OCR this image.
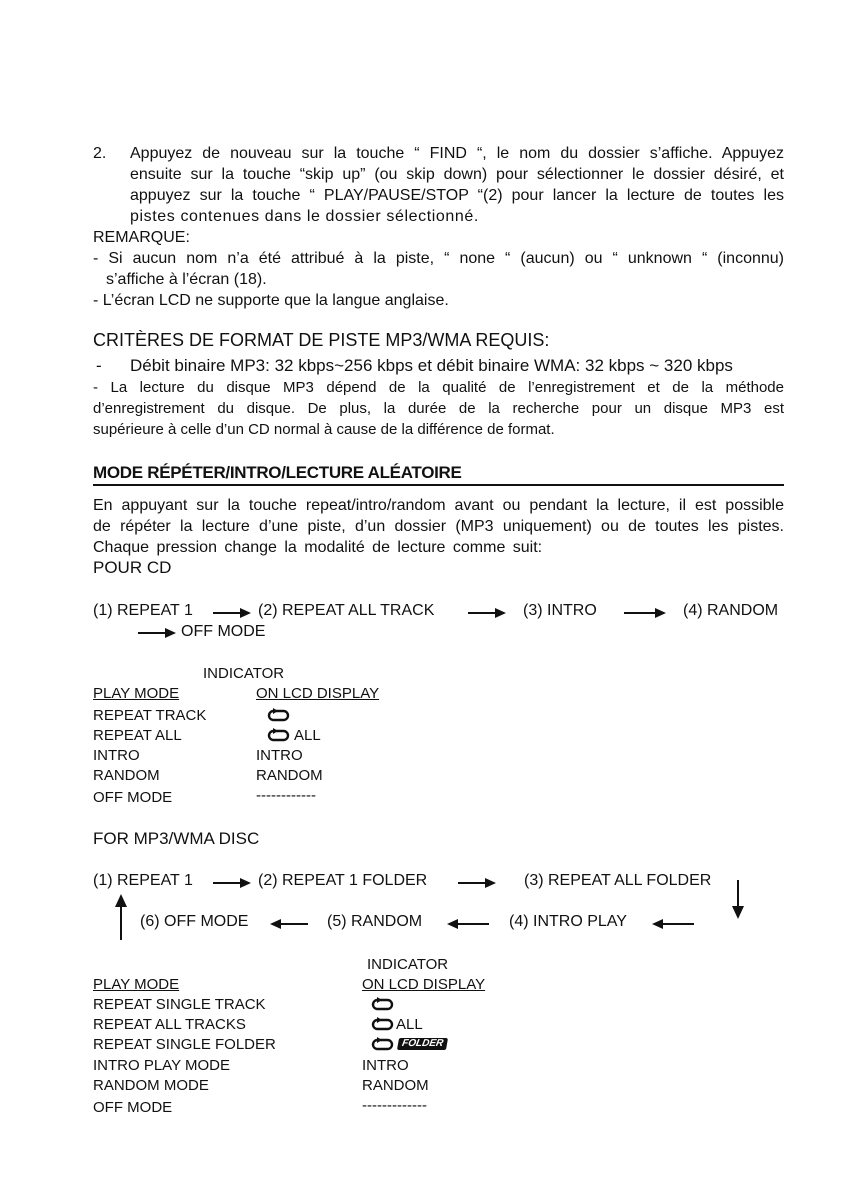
2. Appuyez de nouveau sur la touche “ FIND “, le nom du dossier s’affiche. Appuyez
ensuite sur la touche “skip up” (ou skip down) pour sélectionner le dossier désiré, et
appuyez sur la touche “ PLAY/PAUSE/STOP “(2) pour lancer la lecture de toutes les
pistes contenues dans le dossier sélectionné.
REMARQUE:
- Si aucun nom n’a été attribué à la piste, “ none “ (aucun) ou “ unknown “ (inconnu)
s’affiche à l’écran (18).
- L’écran LCD ne supporte que la langue anglaise.
CRITÈRES DE FORMAT DE PISTE MP3/WMA REQUIS:
- Débit binaire MP3: 32 kbps~256 kbps et débit binaire WMA: 32 kbps ~ 320 kbps
- La lecture du disque MP3 dépend de la qualité de l’enregistrement et de la méthode
d’enregistrement du disque. De plus, la durée de la recherche pour un disque MP3 est
supérieure à celle d’un CD normal à cause de la différence de format.
MODE RÉPÉTER/INTRO/LECTURE ALÉATOIRE
En appuyant sur la touche repeat/intro/random avant ou pendant la lecture, il est possible
de répéter la lecture d’une piste, d’un dossier (MP3 uniquement) ou de toutes les pistes.
Chaque pression change la modalité de lecture comme suit:
POUR CD
(1) REPEAT 1	(2) REPEAT ALL TRACK	(3) INTRO	(4) RANDOM
OFF MODE
INDICATOR
PLAY MODE	ON LCD DISPLAY
REPEAT TRACK
REPEAT ALL	ALL
INTRO	INTRO
RANDOM	RANDOM
OFF MODE	------------
FOR MP3/WMA DISC
(1) REPEAT 1	(2) REPEAT 1 FOLDER	(3) REPEAT ALL FOLDER
(6) OFF MODE	(5) RANDOM	(4) INTRO PLAY
INDICATOR
PLAY MODE	ON LCD DISPLAY
REPEAT SINGLE TRACK
REPEAT ALL TRACKS	ALL
REPEAT SINGLE FOLDER	FOLDER
INTRO PLAY MODE	INTRO
RANDOM MODE	RANDOM
OFF MODE	-------------
